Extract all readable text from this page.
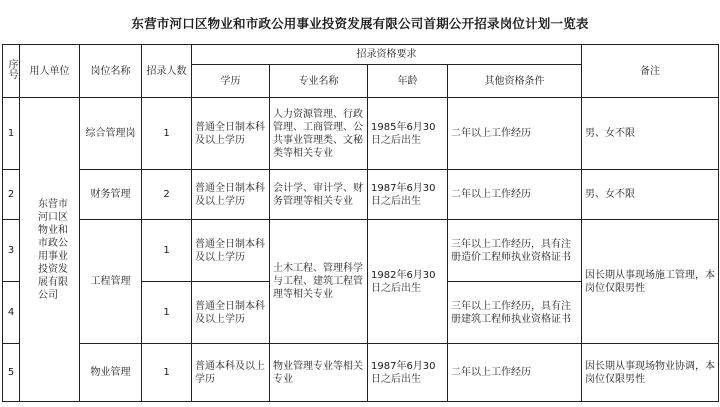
东营市河口区物业和市政公用事业投资发展有限公司首期公开招录岗位计划一览表
序号	用人单位	岗位名称	招录人数	招录资格要求				备注
				学历	专业名称	年龄	其他资格条件	
1	东营市河口区物业和市政公用事业投资发展有限公司	综合管理岗	1	普通全日制本科及以上学历	人力资源管理、行政管理、工商管理、公共事业管理类、文秘类等相关专业	1985年6月30日之后出生	二年以上工作经历	男、女不限
2		财务管理	2	普通全日制本科及以上学历	会计学、审计学、财务管理等相关专业	1987年6月30日之后出生	二年以上工作经历	男、女不限
3		工程管理	1	普通全日制本科及以上学历	土木工程、管理科学与工程、建筑工程管理等相关专业	1982年6月30日之后出生	三年以上工作经历，具有注册造价工程师执业资格证书	因长期从事现场施工管理，本岗位仅限男性
4			1	普通全日制本科及以上学历			三年以上工作经历，具有注册建筑工程师执业资格证书	
5		物业管理	1	普通本科及以上学历	物业管理专业等相关专业	1987年6月30日之后出生	二年以上工作经历	因长期从事现场物业协调，本岗位仅限男性
